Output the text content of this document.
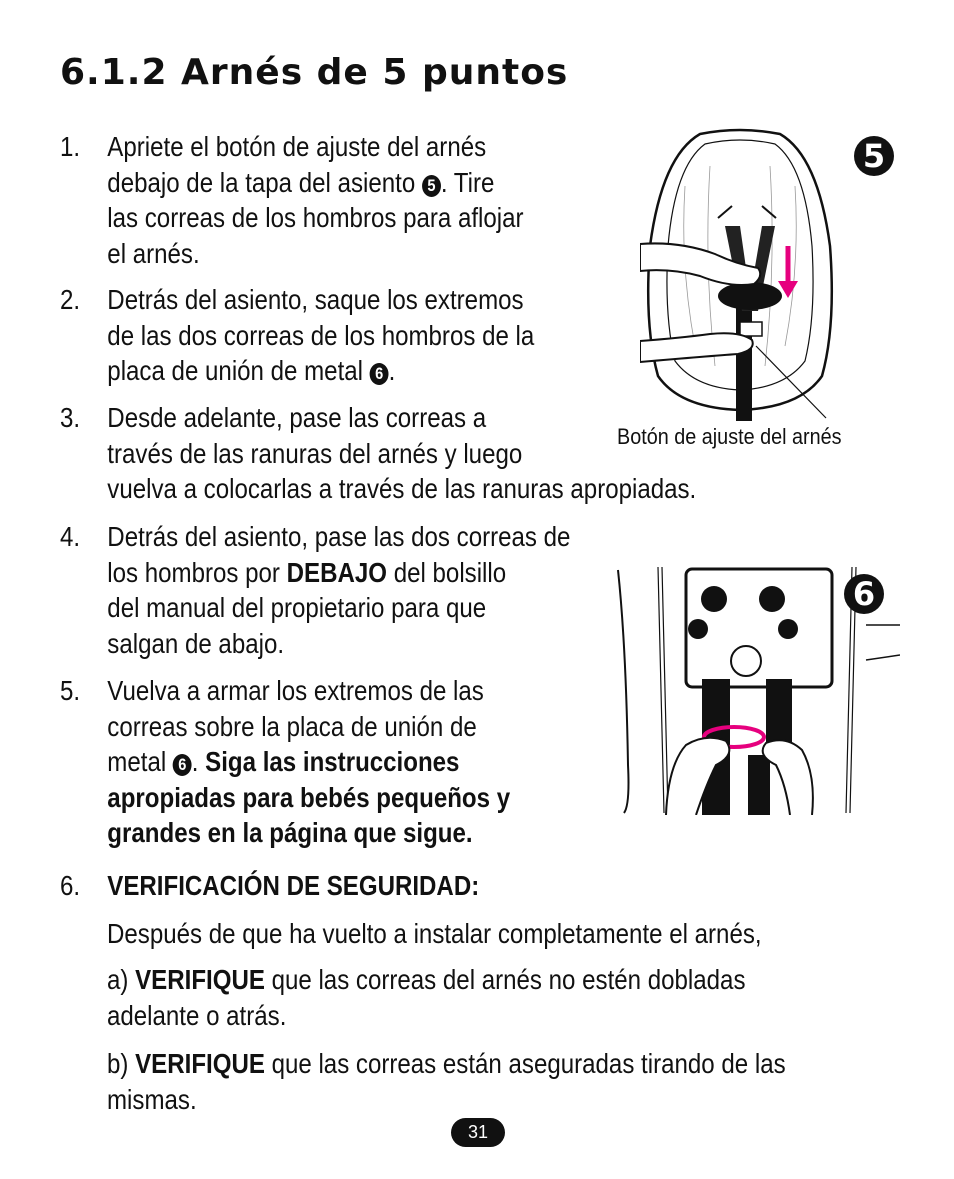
6.1.2 Arnés de 5 puntos
1. Apriete el botón de ajuste del arnés
debajo de la tapa del asiento 5 . Tire
las correas de los hombros para aflojar
el arnés.
2. Detrás del asiento, saque los extremos
de las dos correas de los hombros de la
placa de unión de metal 6 .
3. Desde adelante, pase las correas a
través de las ranuras del arnés y luego
vuelva a colocarlas a través de las ranuras apropiadas.
4. Detrás del asiento, pase las dos correas de
los hombros por DEBAJO del bolsillo
del manual del propietario para que
salgan de abajo.
5. Vuelva a armar los extremos de las
correas sobre la placa de unión de
metal 6 . Siga las instrucciones
apropiadas para bebés pequeños y
grandes en la página que sigue.
6. VERIFICACIÓN DE SEGURIDAD:
Después de que ha vuelto a instalar completamente el arnés,
a) VERIFIQUE que las correas del arnés no estén dobladas
adelante o atrás.
b) VERIFIQUE que las correas están aseguradas tirando de las
mismas.
5
Botón de ajuste del arnés
6
31
